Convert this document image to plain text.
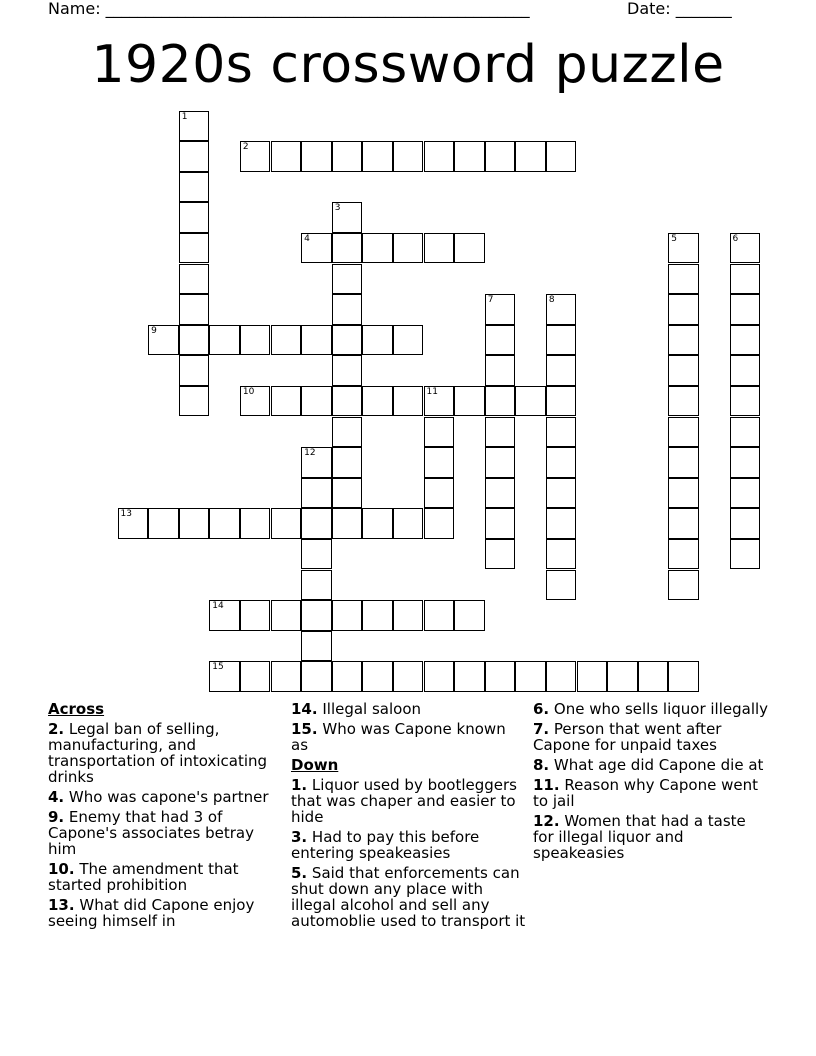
Name: _____________________________________________________	Date: _______
1920s crossword puzzle
1
2
3
4	5	6
7	8
9
10	11
12
13
14
15
Across
2. Legal ban of selling, manufacturing, and transportation of intoxicating drinks
4. Who was capone's partner
9. Enemy that had 3 of Capone's associates betray him
10. The amendment that started prohibition
13. What did Capone enjoy seeing himself in
14. Illegal saloon
15. Who was Capone known as
Down
1. Liquor used by bootleggers that was chaper and easier to hide
3. Had to pay this before entering speakeasies
5. Said that enforcements can shut down any place with illegal alcohol and sell any automoblie used to transport it
6. One who sells liquor illegally
7. Person that went after Capone for unpaid taxes
8. What age did Capone die at
11. Reason why Capone went to jail
12. Women that had a taste for illegal liquor and speakeasies
